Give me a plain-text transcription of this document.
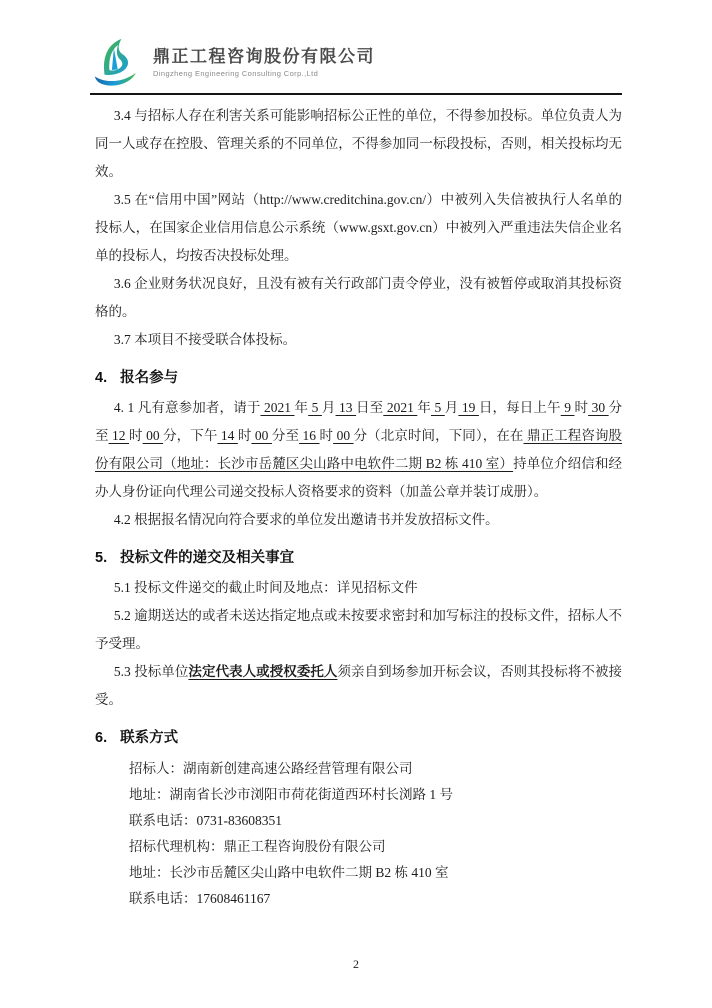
鼎正工程咨询股份有限公司
Dingzheng Engineering Consulting Corp.,Ltd

3.4 与招标人存在利害关系可能影响招标公正性的单位，不得参加投标。单位负责人为同一人或存在控股、管理关系的不同单位，不得参加同一标段投标，否则，相关投标均无效。

3.5 在“信用中国”网站（http://www.creditchina.gov.cn/）中被列入失信被执行人名单的投标人，在国家企业信用信息公示系统（www.gsxt.gov.cn）中被列入严重违法失信企业名单的投标人，均按否决投标处理。

3.6 企业财务状况良好，且没有被有关行政部门责令停业，没有被暂停或取消其投标资格的。

3.7 本项目不接受联合体投标。

4. 报名参与

4. 1 凡有意参加者，请于 2021 年 5 月 13 日至 2021 年 5 月 19 日，每日上午 9 时 30 分至 12 时 00 分，下午 14 时 00 分至 16 时 00 分（北京时间，下同），在在 鼎正工程咨询股份有限公司（地址：长沙市岳麓区尖山路中电软件二期 B2 栋 410 室）持单位介绍信和经办人身份证向代理公司递交投标人资格要求的资料（加盖公章并装订成册）。

4.2 根据报名情况向符合要求的单位发出邀请书并发放招标文件。

5. 投标文件的递交及相关事宜

5.1 投标文件递交的截止时间及地点：详见招标文件

5.2 逾期送达的或者未送达指定地点或未按要求密封和加写标注的投标文件，招标人不予受理。

5.3 投标单位法定代表人或授权委托人须亲自到场参加开标会议，否则其投标将不被接受。

6. 联系方式

招标人：湖南新创建高速公路经营管理有限公司

地址：湖南省长沙市浏阳市荷花街道西环村长浏路 1 号

联系电话：0731-83608351

招标代理机构：鼎正工程咨询股份有限公司

地址：长沙市岳麓区尖山路中电软件二期 B2 栋 410 室

联系电话：17608461167

2
